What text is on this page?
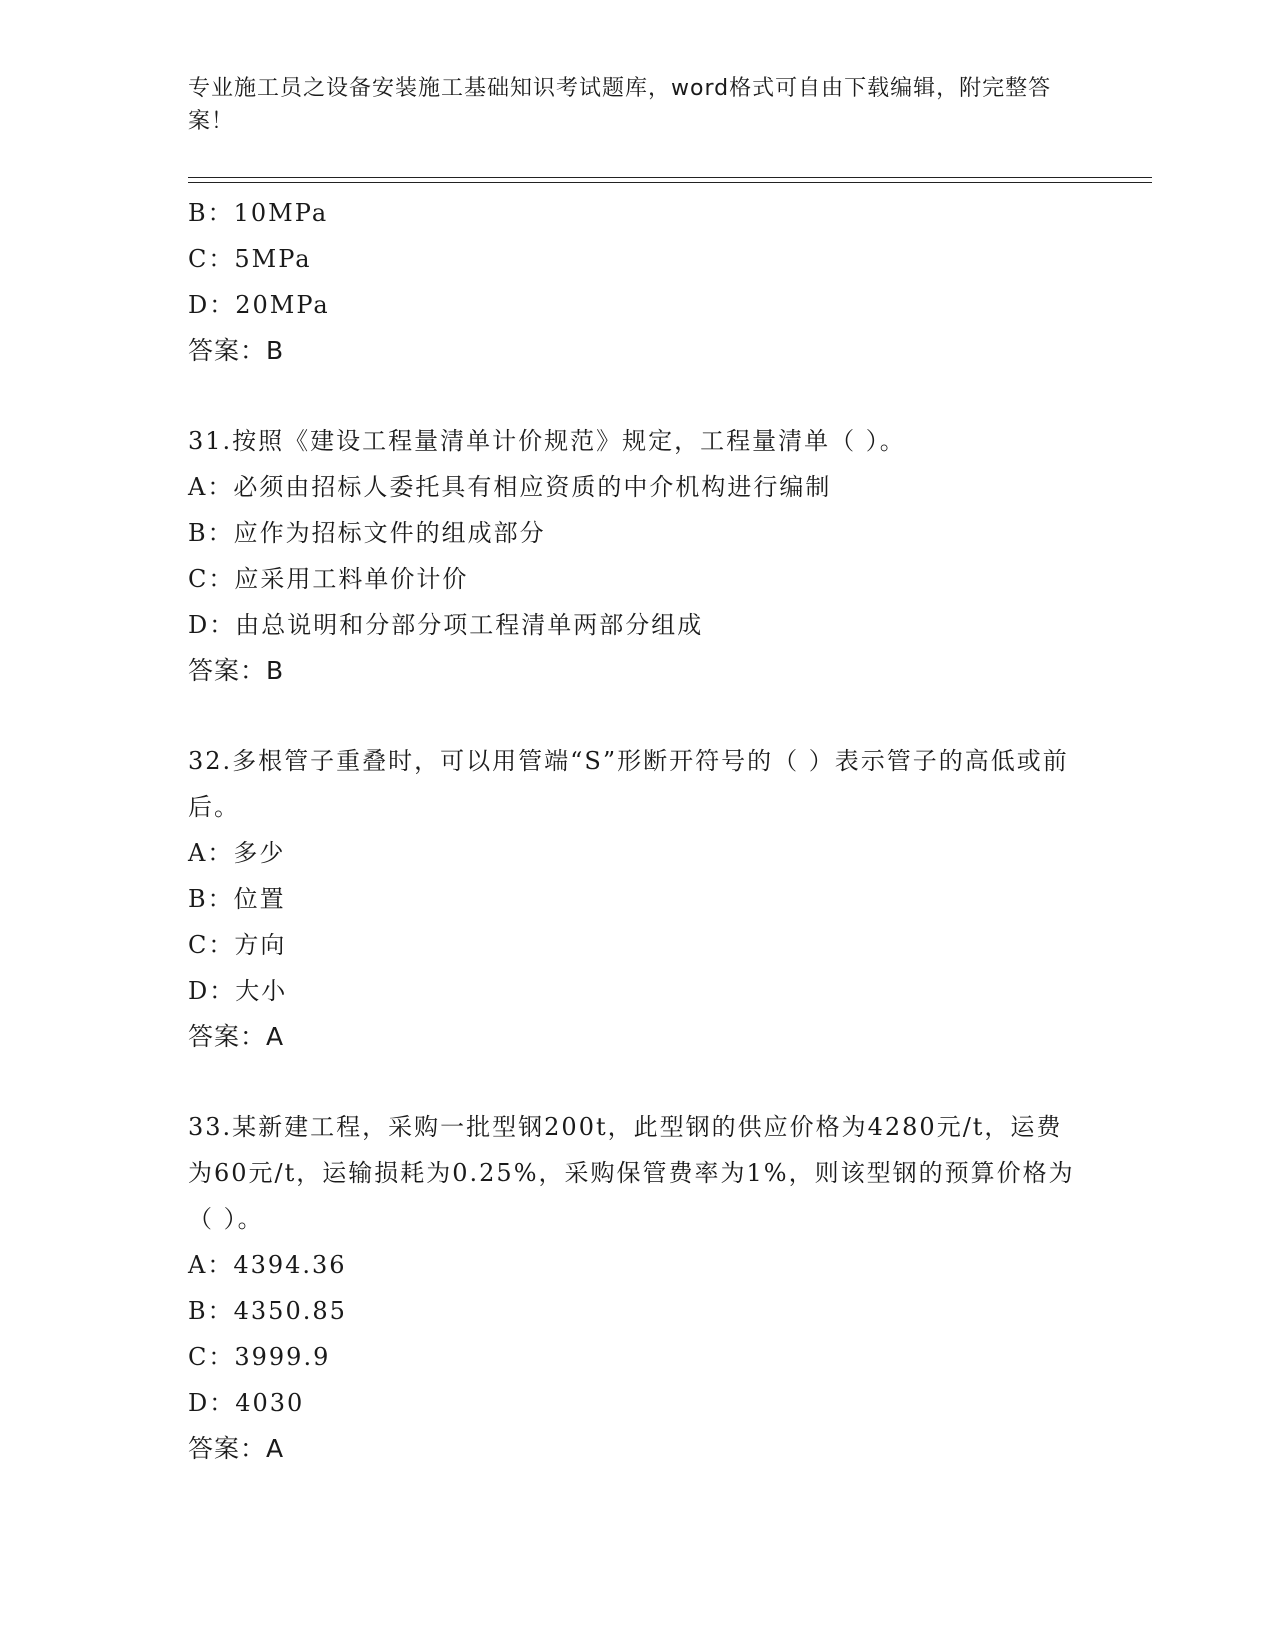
专业施工员之设备安装施工基础知识考试题库，word格式可自由下载编辑，附完整答案！
B：10MPa
C：5MPa
D：20MPa
答案：B
31.按照《建设工程量清单计价规范》规定，工程量清单（ ）。
A：必须由招标人委托具有相应资质的中介机构进行编制
B：应作为招标文件的组成部分
C：应采用工料单价计价
D：由总说明和分部分项工程清单两部分组成
答案：B
32.多根管子重叠时，可以用管端“S”形断开符号的（ ）表示管子的高低或前后。
A：多少
B：位置
C：方向
D：大小
答案：A
33.某新建工程，采购一批型钢200t，此型钢的供应价格为4280元/t，运费为60元/t，运输损耗为0.25%，采购保管费率为1%，则该型钢的预算价格为（ ）。
A：4394.36
B：4350.85
C：3999.9
D：4030
答案：A
